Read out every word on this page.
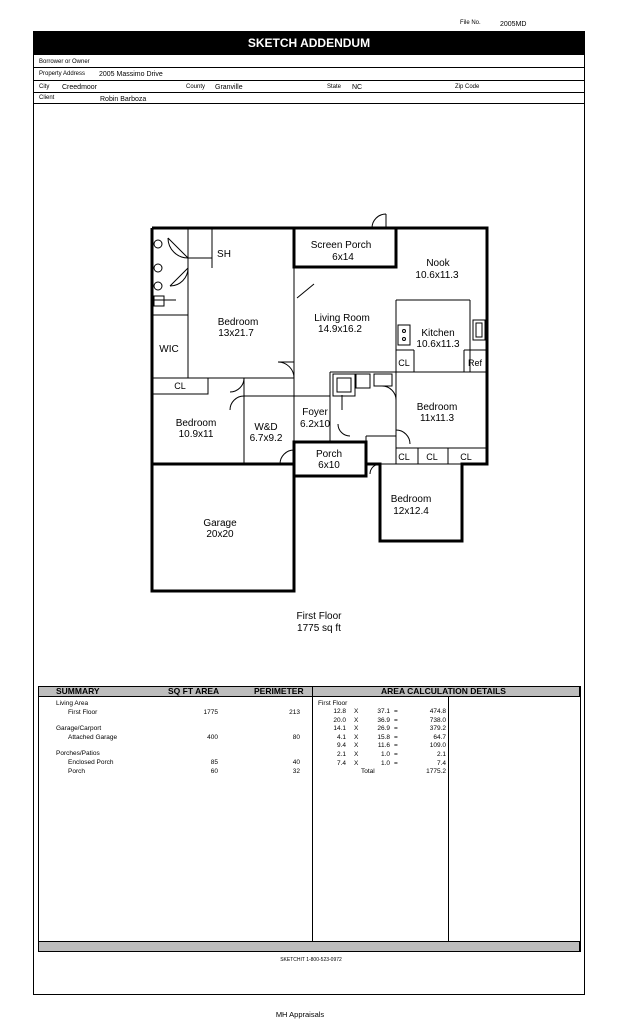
File No.	2005MD
SKETCH ADDENDUM
Borrower or Owner
Property Address 2005 Massimo Drive
City Creedmoor	County Granville	State NC	Zip Code
Client	Robin Barboza
Screen Porch
6x14
Nook
10.6x11.3
SH
Bedroom
13x21.7
Living Room
14.9x16.2	Kitchen
10.6x11.3
WIC
CL
CL	Ref
Bedroom
10.9x11
W&D
6.7x9.2
Foyer
6.2x10
Bedroom
11x11.3
CL CL CL
Porch
6x10
Garage
20x20
Bedroom
12x12.4
First Floor
1775 sq ft
SUMMARY	SQ FT AREA	PERIMETER	AREA CALCULATION DETAILS
Living Area
First Floor	1775	213
Garage/Carport
Attached Garage	400	80
Porches/Patios
Enclosed Porch	85	40
Porch	60	32
First Floor
12.8 X	37.1 =	474.8
20.0 X	36.9 =	738.0
14.1 X	26.9 =	379.2
4.1 X	15.8 =	64.7
9.4 X	11.6 =	109.0
2.1 X	1.0 =	2.1
7.4 X	1.0 =	7.4
Total	1775.2
SKETCHIT 1-800-523-0972
MH Appraisals
